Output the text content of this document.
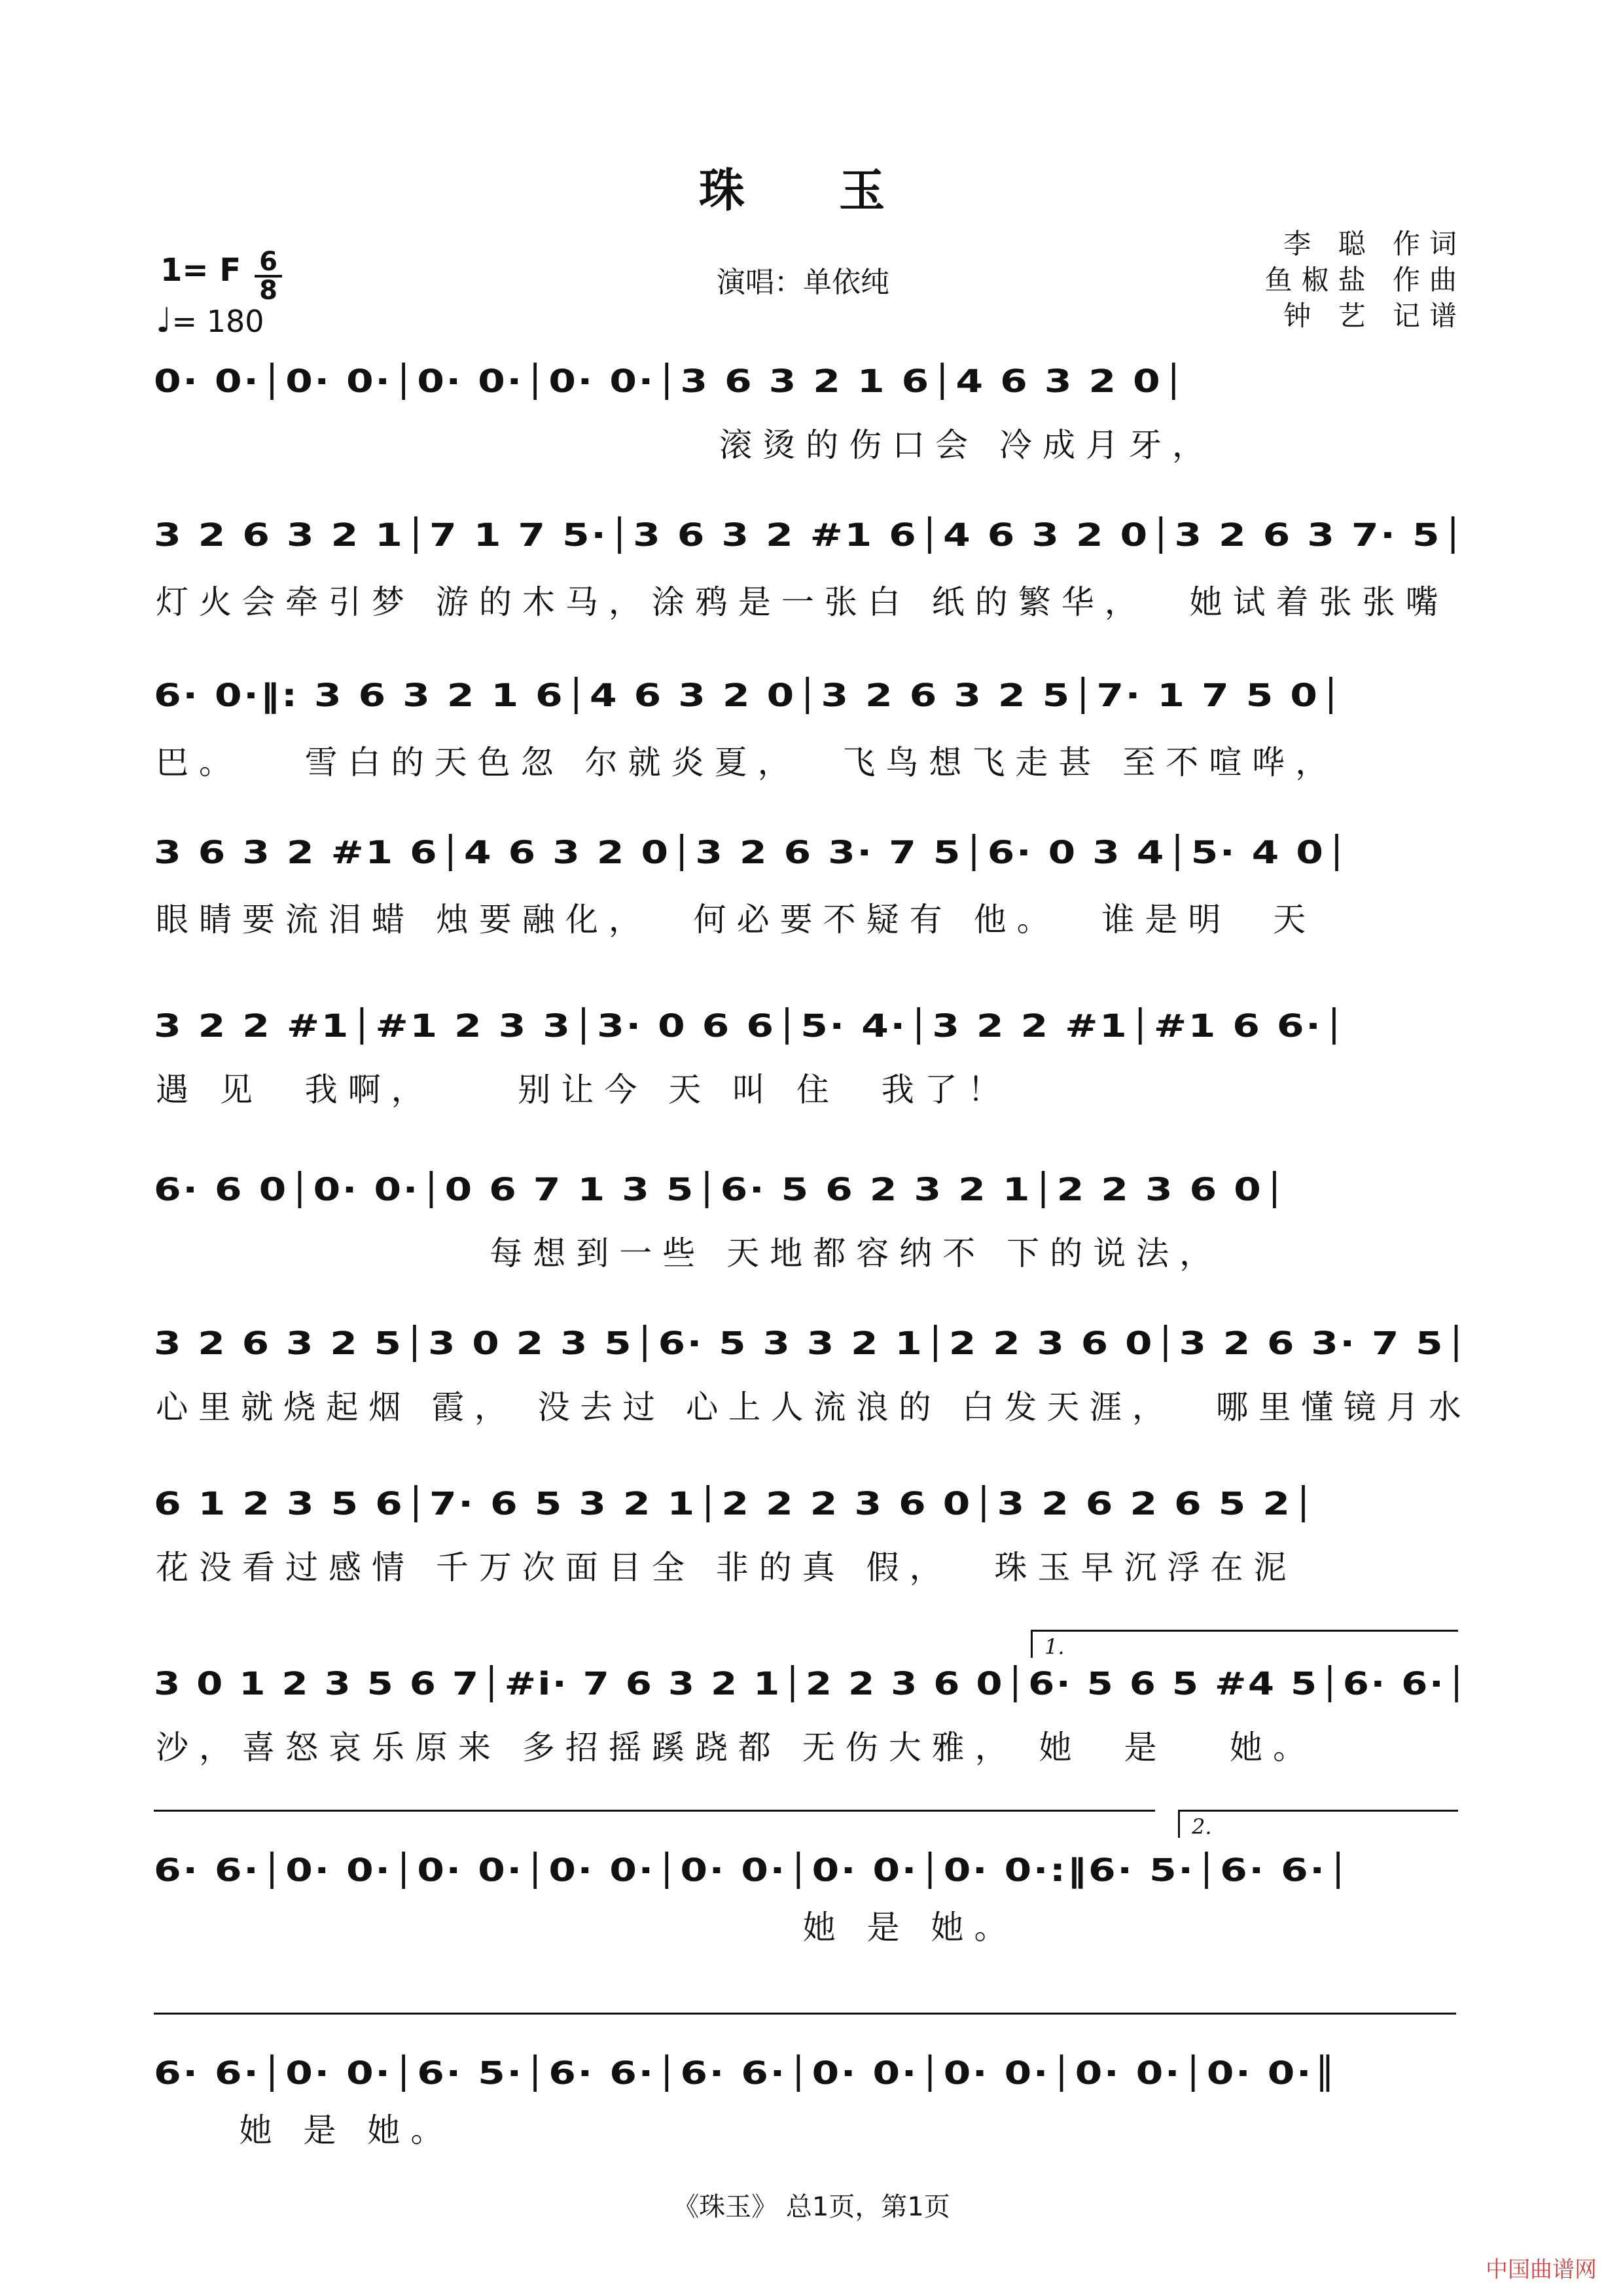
珠 玉
1= F 6
8
♩= 180
演唱：单依纯
李 聪 作词
鱼椒盐 作曲
钟 艺 记谱
0· 0·│0· 0·│0· 0·│0· 0·│3 6 3 2 1 6│4 6 3 2 0│
滚烫的伤口会 冷成月牙，
3 2 6 3 2 1│7 1 7 5·│3 6 3 2 #1 6│4 6 3 2 0│3 2 6 3 7· 5│
灯火会牵引梦 游的木马，涂鸦是一张白 纸的繁华，  她试着张张嘴
6· 0·‖: 3 6 3 2 1 6│4 6 3 2 0│3 2 6 3 2 5│7· 1 7 5 0│
巴。   雪白的天色忽 尔就炎夏，  飞鸟想飞走甚 至不喧哗，
3 6 3 2 #1 6│4 6 3 2 0│3 2 6 3· 7 5│6· 0 3 4│5· 4 0│
眼睛要流泪蜡 烛要融化，  何必要不疑有 他。  谁是明  天
3 2 2 #1│#1 2 3 3│3· 0 6 6│5· 4·│3 2 2 #1│#1 6 6·│
遇 见  我啊，    别让今 天 叫 住  我了！
6· 6 0│0· 0·│0 6 7 1 3 5│6· 5 6 2 3 2 1│2 2 3 6 0│
每想到一些 天地都容纳不 下的说法，
3 2 6 3 2 5│3 0 2 3 5│6· 5 3 3 2 1│2 2 3 6 0│3 2 6 3· 7 5│
心里就烧起烟 霞， 没去过 心上人流浪的 白发天涯，  哪里懂镜月水
6 1 2 3 5 6│7· 6 5 3 2 1│2 2 2 3 6 0│3 2 6 2 6 5 2│
花没看过感情 千万次面目全 非的真 假，  珠玉早沉浮在泥
1.
3 0 1 2 3 5 6 7│#i· 7 6 3 2 1│2 2 3 6 0│6· 5 6 5 #4 5│6· 6·│
沙，喜怒哀乐原来 多招摇蹊跷都 无伤大雅， 她  是   她。
2.
6· 6·│0· 0·│0· 0·│0· 0·│0· 0·│0· 0·│0· 0·:‖6· 5·│6· 6·│
她 是 她。
6· 6·│0· 0·│6· 5·│6· 6·│6· 6·│0· 0·│0· 0·│0· 0·│0· 0·║
她 是 她。
《珠玉》 总1页，第1页
中国曲谱网
